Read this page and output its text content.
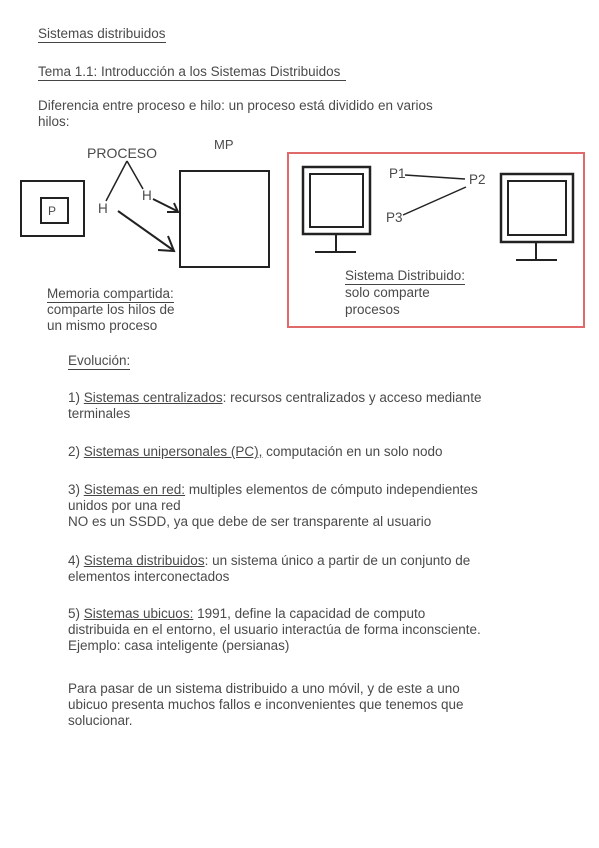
Sistemas distribuidos
Tema 1.1: Introducción a los Sistemas Distribuidos
Diferencia entre proceso e hilo: un proceso está dividido en varios
hilos:
PROCESO
MP
P	H
H
Memoria compartida:
comparte los hilos de
un mismo proceso
P1	P2
P3
Sistema Distribuido:
solo comparte
procesos
Evolución:
1) Sistemas centralizados: recursos centralizados y acceso mediante
terminales
2) Sistemas unipersonales (PC), computación en un solo nodo
3) Sistemas en red: multiples elementos de cómputo independientes
unidos por una red
NO es un SSDD, ya que debe de ser transparente al usuario
4) Sistema distribuidos: un sistema único a partir de un conjunto de
elementos interconectados
5) Sistemas ubicuos: 1991, define la capacidad de computo
distribuida en el entorno, el usuario interactúa de forma inconsciente.
Ejemplo: casa inteligente (persianas)
Para pasar de un sistema distribuido a uno móvil, y de este a uno
ubicuo presenta muchos fallos e inconvenientes que tenemos que
solucionar.
